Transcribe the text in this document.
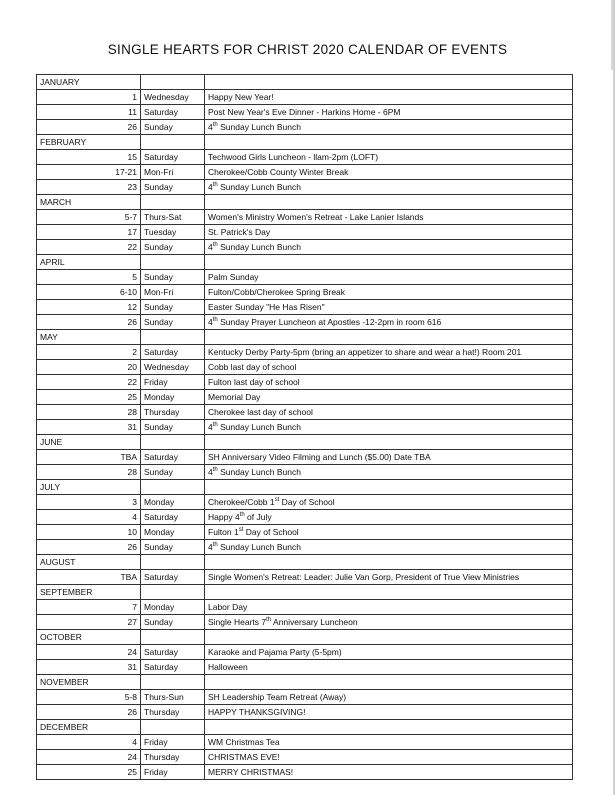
SINGLE HEARTS FOR CHRIST 2020 CALENDAR OF EVENTS
JANUARY		
1	Wednesday	Happy New Year!
11	Saturday	Post New Year's Eve Dinner - Harkins Home - 6PM
26	Sunday	4th Sunday Lunch Bunch
FEBRUARY		
15	Saturday	Techwood Girls Luncheon - llam-2pm (LOFT)
17-21	Mon-Fri	Cherokee/Cobb County Winter Break
23	Sunday	4th Sunday Lunch Bunch
MARCH		
5-7	Thurs-Sat	Women's Ministry Women's Retreat - Lake Lanier Islands
17	Tuesday	St. Patrick's Day
22	Sunday	4th Sunday Lunch Bunch
APRIL		
5	Sunday	Palm Sunday
6-10	Mon-Fri	Fulton/Cobb/Cherokee Spring Break
12	Sunday	Easter Sunday "He Has Risen"
26	Sunday	4th Sunday Prayer Luncheon at Apostles -12-2pm in room 616
MAY		
2	Saturday	Kentucky Derby Party-5pm (bring an appetizer to share and wear a hat!) Room 201
20	Wednesday	Cobb last day of school
22	Friday	Fulton last day of school
25	Monday	Memorial Day
28	Thursday	Cherokee last day of school
31	Sunday	4th Sunday Lunch Bunch
JUNE		
TBA	Saturday	SH Anniversary Video Filming and Lunch ($5.00) Date TBA
28	Sunday	4th Sunday Lunch Bunch
JULY		
3	Monday	Cherokee/Cobb 1st Day of School
4	Saturday	Happy 4th of July
10	Monday	Fulton 1st Day of School
26	Sunday	4th Sunday Lunch Bunch
AUGUST		
TBA	Saturday	Single Women's Retreat: Leader: Julie Van Gorp, President of True View Ministries
SEPTEMBER		
7	Monday	Labor Day
27	Sunday	Single Hearts 7th Anniversary Luncheon
OCTOBER		
24	Saturday	Karaoke and Pajama Party (5-5pm)
31	Saturday	Halloween
NOVEMBER		
5-8	Thurs-Sun	SH Leadership Team Retreat (Away)
26	Thursday	HAPPY THANKSGIVING!
DECEMBER		
4	Friday	WM Christmas Tea
24	Thursday	CHRISTMAS EVE!
25	Friday	MERRY CHRISTMAS!
